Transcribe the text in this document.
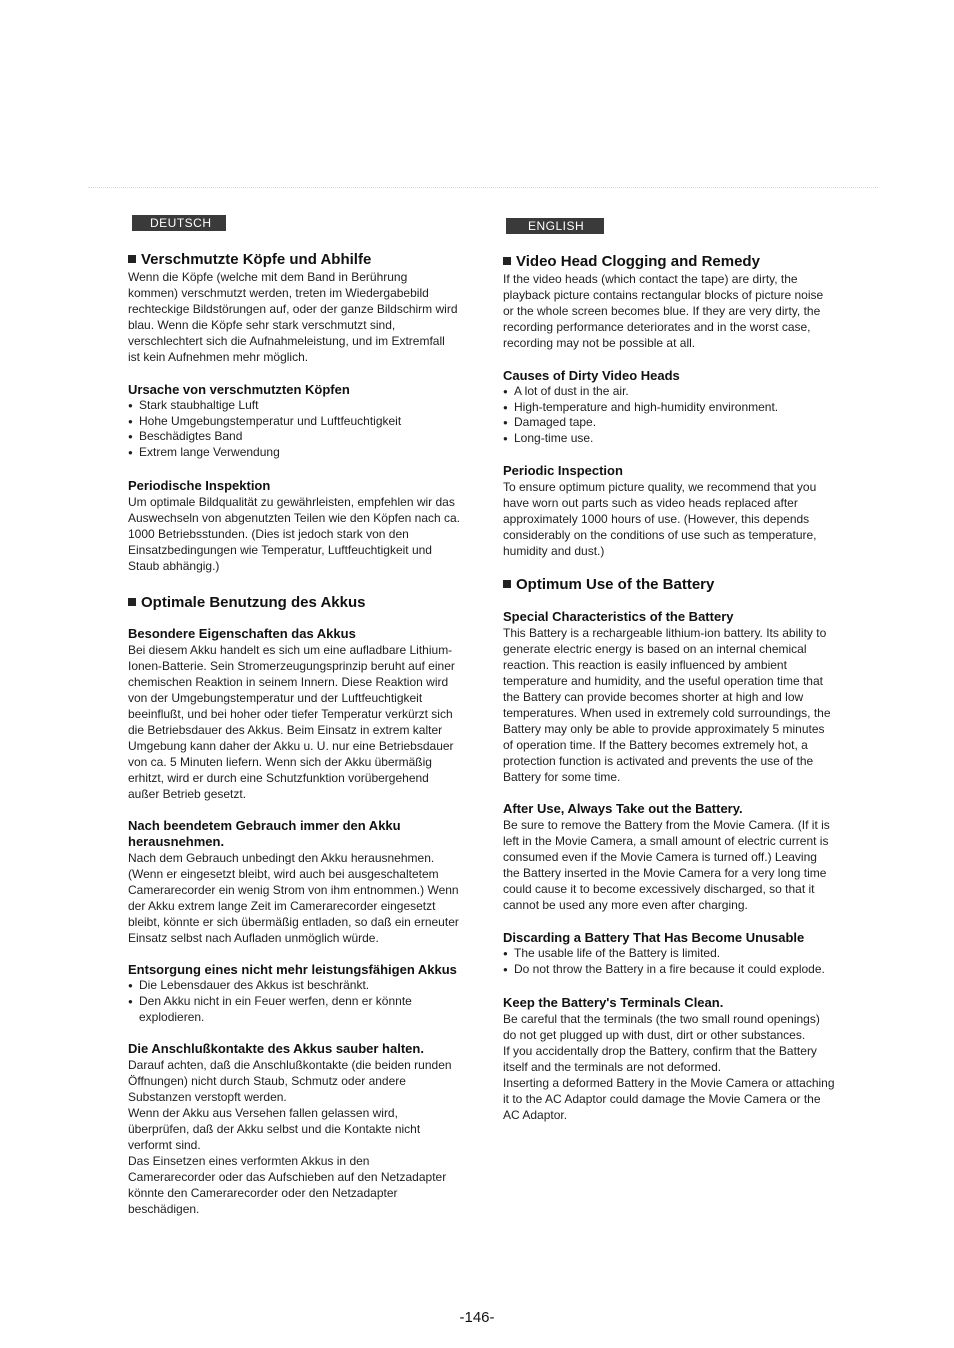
DEUTSCH
Verschmutzte Köpfe und Abhilfe

Wenn die Köpfe (welche mit dem Band in Berührung kommen) verschmutzt werden, treten im Wiedergabebild rechteckige Bildstörungen auf, oder der ganze Bildschirm wird blau. Wenn die Köpfe sehr stark verschmutzt sind, verschlechtert sich die Aufnahmeleistung, und im Extremfall ist kein Aufnehmen mehr möglich.

Ursache von verschmutzten Köpfen
● Stark staubhaltige Luft
● Hohe Umgebungstemperatur und Luftfeuchtigkeit
● Beschädigtes Band
● Extrem lange Verwendung
Periodische Inspektion

Um optimale Bildqualität zu gewährleisten, empfehlen wir das Auswechseln von abgenutzten Teilen wie den Köpfen nach ca. 1000 Betriebsstunden. (Dies ist jedoch stark von den Einsatzbedingungen wie Temperatur, Luftfeuchtigkeit und Staub abhängig.)

Optimale Benutzung des Akkus
Besondere Eigenschaften das Akkus

Bei diesem Akku handelt es sich um eine aufladbare Lithium-Ionen-Batterie. Sein Stromerzeugungsprinzip beruht auf einer chemischen Reaktion in seinem Innern. Diese Reaktion wird von der Umgebungstemperatur und der Luftfeuchtigkeit beeinflußt, und bei hoher oder tiefer Temperatur verkürzt sich die Betriebsdauer des Akkus. Beim Einsatz in extrem kalter Umgebung kann daher der Akku u. U. nur eine Betriebsdauer von ca. 5 Minuten liefern. Wenn sich der Akku übermäßig erhitzt, wird er durch eine Schutzfunktion vorübergehend außer Betrieb gesetzt.

Nach beendetem Gebrauch immer den Akku herausnehmen.

Nach dem Gebrauch unbedingt den Akku herausnehmen. (Wenn er eingesetzt bleibt, wird auch bei ausgeschaltetem Camerarecorder ein wenig Strom von ihm entnommen.) Wenn der Akku extrem lange Zeit im Camerarecorder eingesetzt bleibt, könnte er sich übermäßig entladen, so daß ein erneuter Einsatz selbst nach Aufladen unmöglich würde.

Entsorgung eines nicht mehr leistungsfähigen Akkus
● Die Lebensdauer des Akkus ist beschränkt.
● Den Akku nicht in ein Feuer werfen, denn er könnte explodieren.
Die Anschlußkontakte des Akkus sauber halten.

Darauf achten, daß die Anschlußkontakte (die beiden runden Öffnungen) nicht durch Staub, Schmutz oder andere Substanzen verstopft werden.

Wenn der Akku aus Versehen fallen gelassen wird, überprüfen, daß der Akku selbst und die Kontakte nicht verformt sind.

Das Einsetzen eines verformten Akkus in den Camerarecorder oder das Aufschieben auf den Netzadapter könnte den Camerarecorder oder den Netzadapter beschädigen.

ENGLISH
Video Head Clogging and Remedy

If the video heads (which contact the tape) are dirty, the playback picture contains rectangular blocks of picture noise or the whole screen becomes blue. If they are very dirty, the recording performance deteriorates and in the worst case, recording may not be possible at all.

Causes of Dirty Video Heads
● A lot of dust in the air.
● High-temperature and high-humidity environment.
● Damaged tape.
● Long-time use.
Periodic Inspection

To ensure optimum picture quality, we recommend that you have worn out parts such as video heads replaced after approximately 1000 hours of use. (However, this depends considerably on the conditions of use such as temperature, humidity and dust.)

Optimum Use of the Battery
Special Characteristics of the Battery

This Battery is a rechargeable lithium-ion battery. Its ability to generate electric energy is based on an internal chemical reaction. This reaction is easily influenced by ambient temperature and humidity, and the useful operation time that the Battery can provide becomes shorter at high and low temperatures. When used in extremely cold surroundings, the Battery may only be able to provide approximately 5 minutes of operation time. If the Battery becomes extremely hot, a protection function is activated and prevents the use of the Battery for some time.

After Use, Always Take out the Battery.

Be sure to remove the Battery from the Movie Camera. (If it is left in the Movie Camera, a small amount of electric current is consumed even if the Movie Camera is turned off.) Leaving the Battery inserted in the Movie Camera for a very long time could cause it to become excessively discharged, so that it cannot be used any more even after charging.

Discarding a Battery That Has Become Unusable
● The usable life of the Battery is limited.
● Do not throw the Battery in a fire because it could explode.
Keep the Battery's Terminals Clean.

Be careful that the terminals (the two small round openings) do not get plugged up with dust, dirt or other substances.

If you accidentally drop the Battery, confirm that the Battery itself and the terminals are not deformed.

Inserting a deformed Battery in the Movie Camera or attaching it to the AC Adaptor could damage the Movie Camera or the AC Adaptor.

-146-
